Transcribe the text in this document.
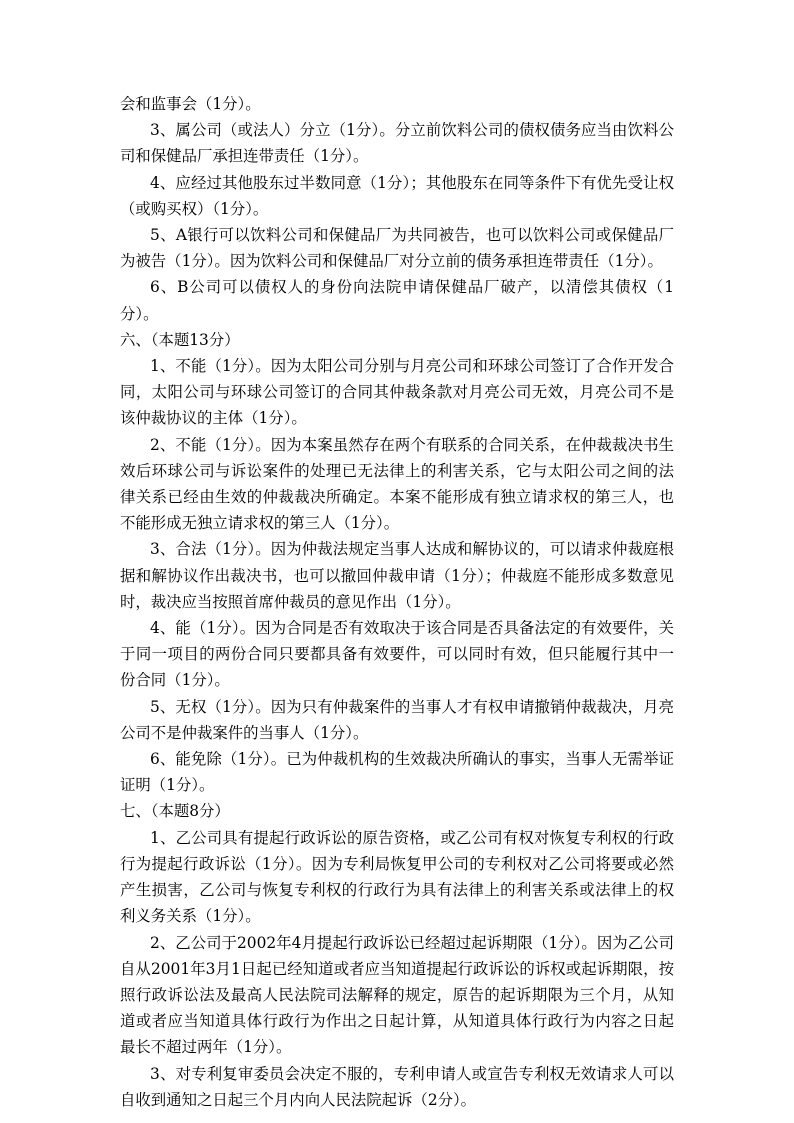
会和监事会（1分）。

3、属公司（或法人）分立（1分）。分立前饮料公司的债权债务应当由饮料公司和保健品厂承担连带责任（1分）。

4、应经过其他股东过半数同意（1分）；其他股东在同等条件下有优先受让权（或购买权）（1分）。

5、A银行可以饮料公司和保健品厂为共同被告，也可以饮料公司或保健品厂为被告（1分）。因为饮料公司和保健品厂对分立前的债务承担连带责任（1分）。

6、B公司可以债权人的身份向法院申请保健品厂破产，以清偿其债权（1分）。

六、（本题13分）

1、不能（1分）。因为太阳公司分别与月亮公司和环球公司签订了合作开发合同，太阳公司与环球公司签订的合同其仲裁条款对月亮公司无效，月亮公司不是该仲裁协议的主体（1分）。

2、不能（1分）。因为本案虽然存在两个有联系的合同关系，在仲裁裁决书生效后环球公司与诉讼案件的处理已无法律上的利害关系，它与太阳公司之间的法律关系已经由生效的仲裁裁决所确定。本案不能形成有独立请求权的第三人，也不能形成无独立请求权的第三人（1分）。

3、合法（1分）。因为仲裁法规定当事人达成和解协议的，可以请求仲裁庭根据和解协议作出裁决书，也可以撤回仲裁申请（1分）；仲裁庭不能形成多数意见时，裁决应当按照首席仲裁员的意见作出（1分）。

4、能（1分）。因为合同是否有效取决于该合同是否具备法定的有效要件，关于同一项目的两份合同只要都具备有效要件，可以同时有效，但只能履行其中一份合同（1分）。

5、无权（1分）。因为只有仲裁案件的当事人才有权申请撤销仲裁裁决，月亮公司不是仲裁案件的当事人（1分）。

6、能免除（1分）。已为仲裁机构的生效裁决所确认的事实，当事人无需举证证明（1分）。

七、（本题8分）

1、乙公司具有提起行政诉讼的原告资格，或乙公司有权对恢复专利权的行政行为提起行政诉讼（1分）。因为专利局恢复甲公司的专利权对乙公司将要或必然产生损害，乙公司与恢复专利权的行政行为具有法律上的利害关系或法律上的权利义务关系（1分）。

2、乙公司于2002年4月提起行政诉讼已经超过起诉期限（1分）。因为乙公司自从2001年3月1日起已经知道或者应当知道提起行政诉讼的诉权或起诉期限，按照行政诉讼法及最高人民法院司法解释的规定，原告的起诉期限为三个月，从知道或者应当知道具体行政行为作出之日起计算，从知道具体行政行为内容之日起最长不超过两年（1分）。

3、对专利复审委员会决定不服的，专利申请人或宣告专利权无效请求人可以自收到通知之日起三个月内向人民法院起诉（2分）。
